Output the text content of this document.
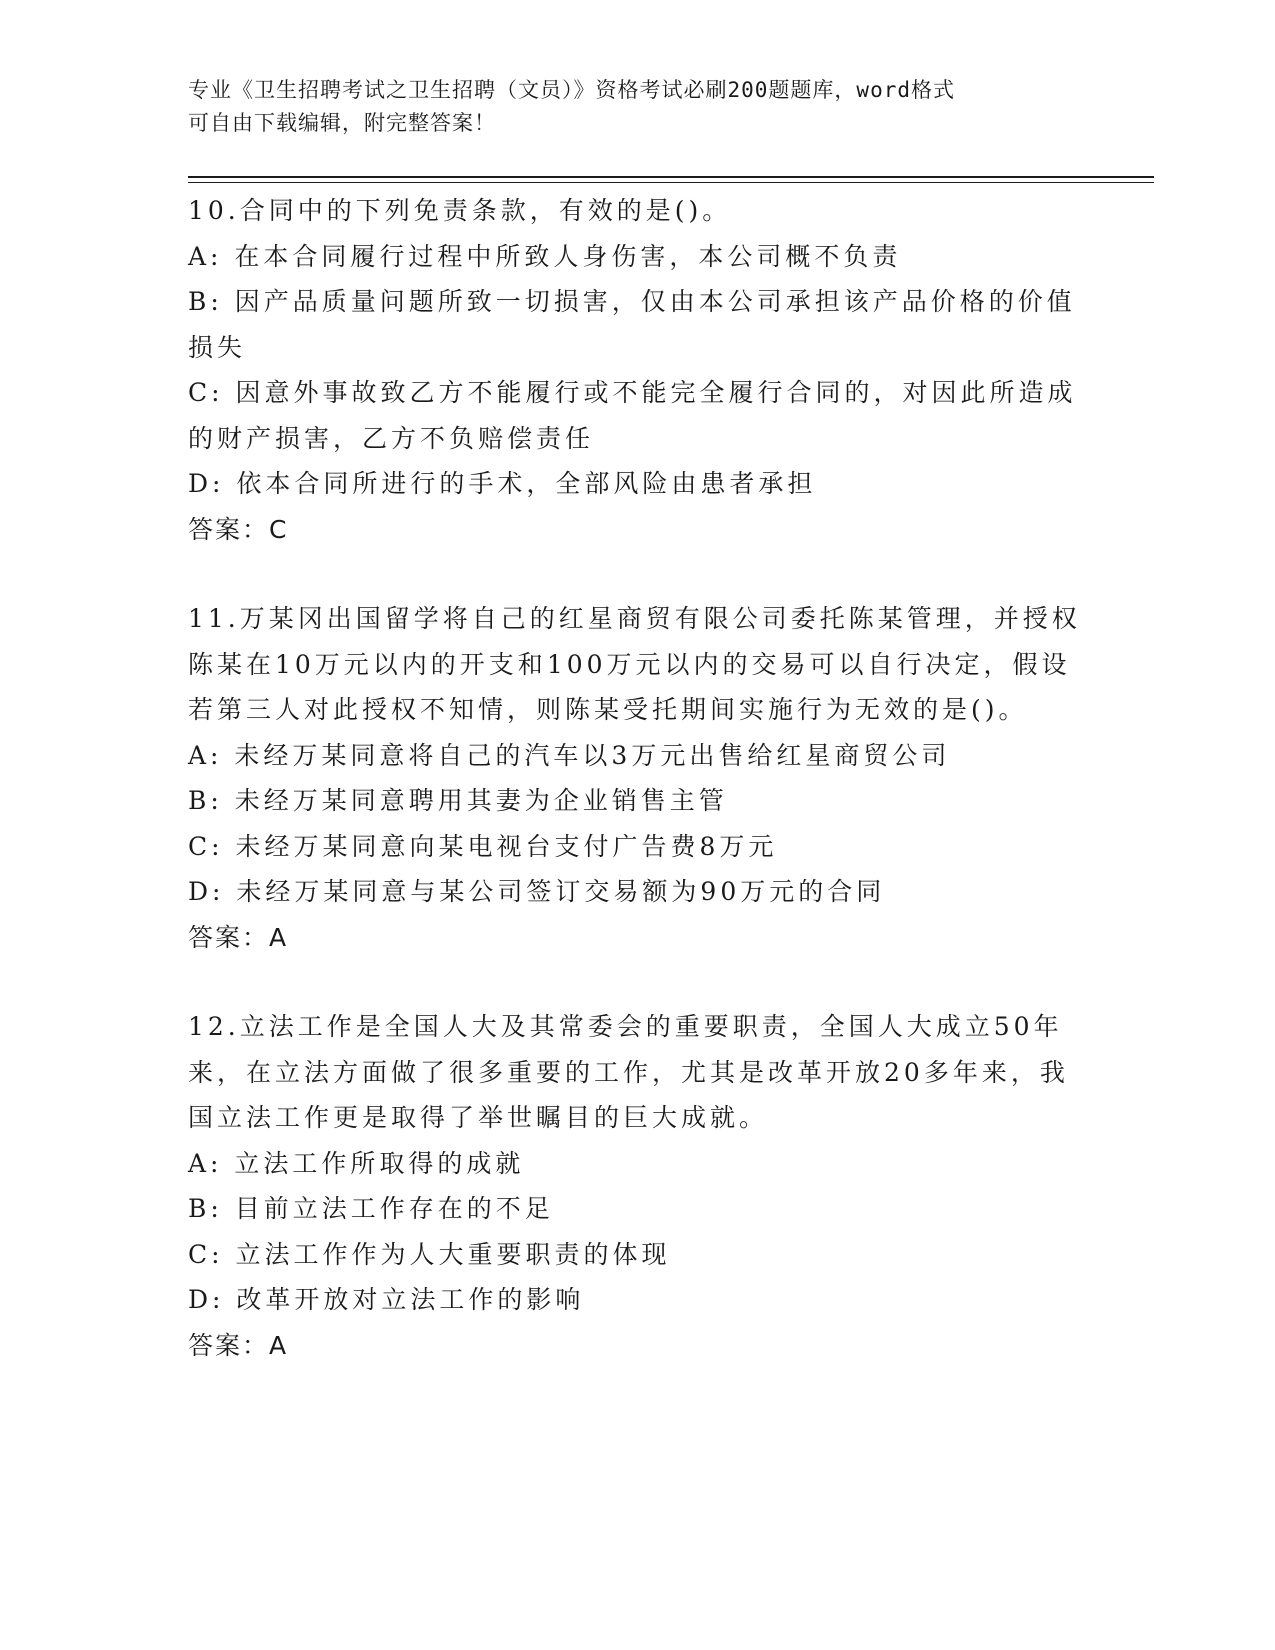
专业《卫生招聘考试之卫生招聘（文员）》资格考试必刷200题题库，word格式
可自由下载编辑，附完整答案！
10.合同中的下列免责条款，有效的是()。
A: 在本合同履行过程中所致人身伤害，本公司概不负责
B: 因产品质量问题所致一切损害，仅由本公司承担该产品价格的价值
损失
C: 因意外事故致乙方不能履行或不能完全履行合同的，对因此所造成
的财产损害，乙方不负赔偿责任
D: 依本合同所进行的手术，全部风险由患者承担
答案：C
11.万某冈出国留学将自己的红星商贸有限公司委托陈某管理，并授权
陈某在10万元以内的开支和100万元以内的交易可以自行决定，假设
若第三人对此授权不知情，则陈某受托期间实施行为无效的是()。
A: 未经万某同意将自己的汽车以3万元出售给红星商贸公司
B: 未经万某同意聘用其妻为企业销售主管
C: 未经万某同意向某电视台支付广告费8万元
D: 未经万某同意与某公司签订交易额为90万元的合同
答案：A
12.立法工作是全国人大及其常委会的重要职责，全国人大成立50年
来，在立法方面做了很多重要的工作，尤其是改革开放20多年来，我
国立法工作更是取得了举世瞩目的巨大成就。
A: 立法工作所取得的成就
B: 目前立法工作存在的不足
C: 立法工作作为人大重要职责的体现
D: 改革开放对立法工作的影响
答案：A
